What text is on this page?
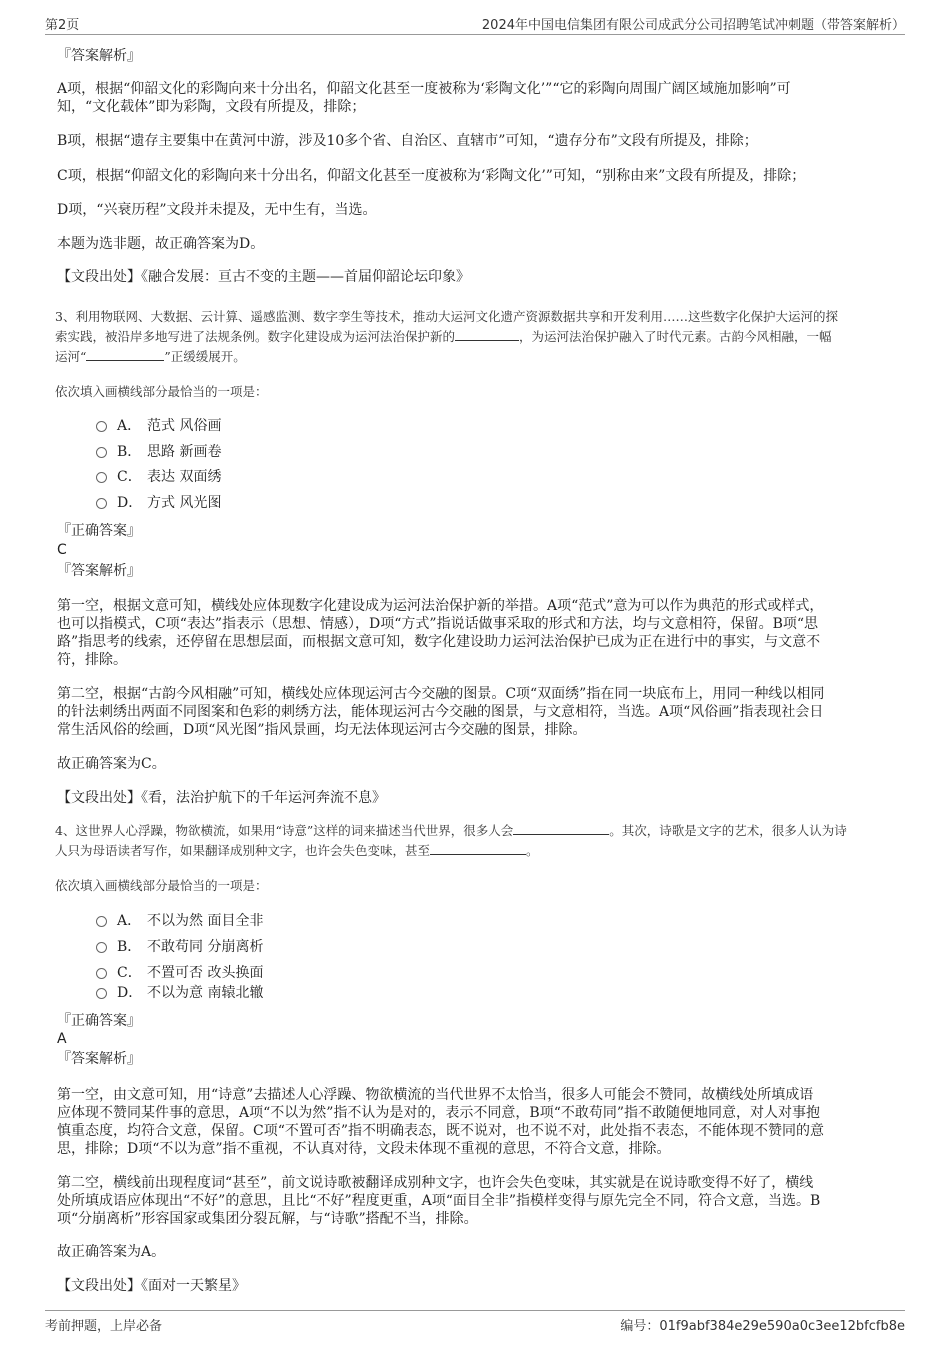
第2页	2024年中国电信集团有限公司成武分公司招聘笔试冲刺题（带答案解析）
『答案解析』
A项，根据“仰韶文化的彩陶向来十分出名，仰韶文化甚至一度被称为‘彩陶文化’”“它的彩陶向周围广阔区域施加影响”可
知，“文化载体”即为彩陶，文段有所提及，排除；
B项，根据“遗存主要集中在黄河中游，涉及10多个省、自治区、直辖市”可知，“遗存分布”文段有所提及，排除；
C项，根据“仰韶文化的彩陶向来十分出名，仰韶文化甚至一度被称为‘彩陶文化’”可知，“别称由来”文段有所提及，排除；
D项，“兴衰历程”文段并未提及，无中生有，当选。
本题为选非题，故正确答案为D。
【文段出处】《融合发展：亘古不变的主题——首届仰韶论坛印象》
3、利用物联网、大数据、云计算、遥感监测、数字孪生等技术，推动大运河文化遗产资源数据共享和开发利用……这些数字化保护大运河的探
索实践，被沿岸多地写进了法规条例。数字化建设成为运河法治保护新的	，为运河法治保护融入了时代元素。古韵今风相融，一幅
运河“	”正缓缓展开。
依次填入画横线部分最恰当的一项是：
A． 范式 风俗画
B． 思路 新画卷
C． 表达 双面绣
D． 方式 风光图
『正确答案』
C
『答案解析』
第一空，根据文意可知，横线处应体现数字化建设成为运河法治保护新的举措。A项“范式”意为可以作为典范的形式或样式，
也可以指模式，C项“表达”指表示（思想、情感），D项“方式”指说话做事采取的形式和方法，均与文意相符，保留。B项“思
路”指思考的线索，还停留在思想层面，而根据文意可知，数字化建设助力运河法治保护已成为正在进行中的事实，与文意不
符，排除。
第二空，根据“古韵今风相融”可知，横线处应体现运河古今交融的图景。C项“双面绣”指在同一块底布上，用同一种线以相同
的针法刺绣出两面不同图案和色彩的刺绣方法，能体现运河古今交融的图景，与文意相符，当选。A项“风俗画”指表现社会日
常生活风俗的绘画，D项“风光图”指风景画，均无法体现运河古今交融的图景，排除。
故正确答案为C。
【文段出处】《看，法治护航下的千年运河奔流不息》
4、这世界人心浮躁，物欲横流，如果用“诗意”这样的词来描述当代世界，很多人会	。其次，诗歌是文字的艺术，很多人认为诗
人只为母语读者写作，如果翻译成别种文字，也许会失色变味，甚至	。
依次填入画横线部分最恰当的一项是：
A． 不以为然 面目全非
B． 不敢苟同 分崩离析
C． 不置可否 改头换面
D． 不以为意 南辕北辙
『正确答案』
A
『答案解析』
第一空，由文意可知，用“诗意”去描述人心浮躁、物欲横流的当代世界不太恰当，很多人可能会不赞同，故横线处所填成语
应体现不赞同某件事的意思，A项“不以为然”指不认为是对的，表示不同意，B项“不敢苟同”指不敢随便地同意，对人对事抱
慎重态度，均符合文意，保留。C项“不置可否”指不明确表态，既不说对，也不说不对，此处指不表态，不能体现不赞同的意
思，排除；D项“不以为意”指不重视，不认真对待，文段未体现不重视的意思，不符合文意，排除。
第二空，横线前出现程度词“甚至”，前文说诗歌被翻译成别种文字，也许会失色变味，其实就是在说诗歌变得不好了，横线
处所填成语应体现出“不好”的意思，且比“不好”程度更重，A项“面目全非”指模样变得与原先完全不同，符合文意，当选。B
项“分崩离析”形容国家或集团分裂瓦解，与“诗歌”搭配不当，排除。
故正确答案为A。
【文段出处】《面对一天繁星》
考前押题，上岸必备	编号：01f9abf384e29e590a0c3ee12bfcfb8e
